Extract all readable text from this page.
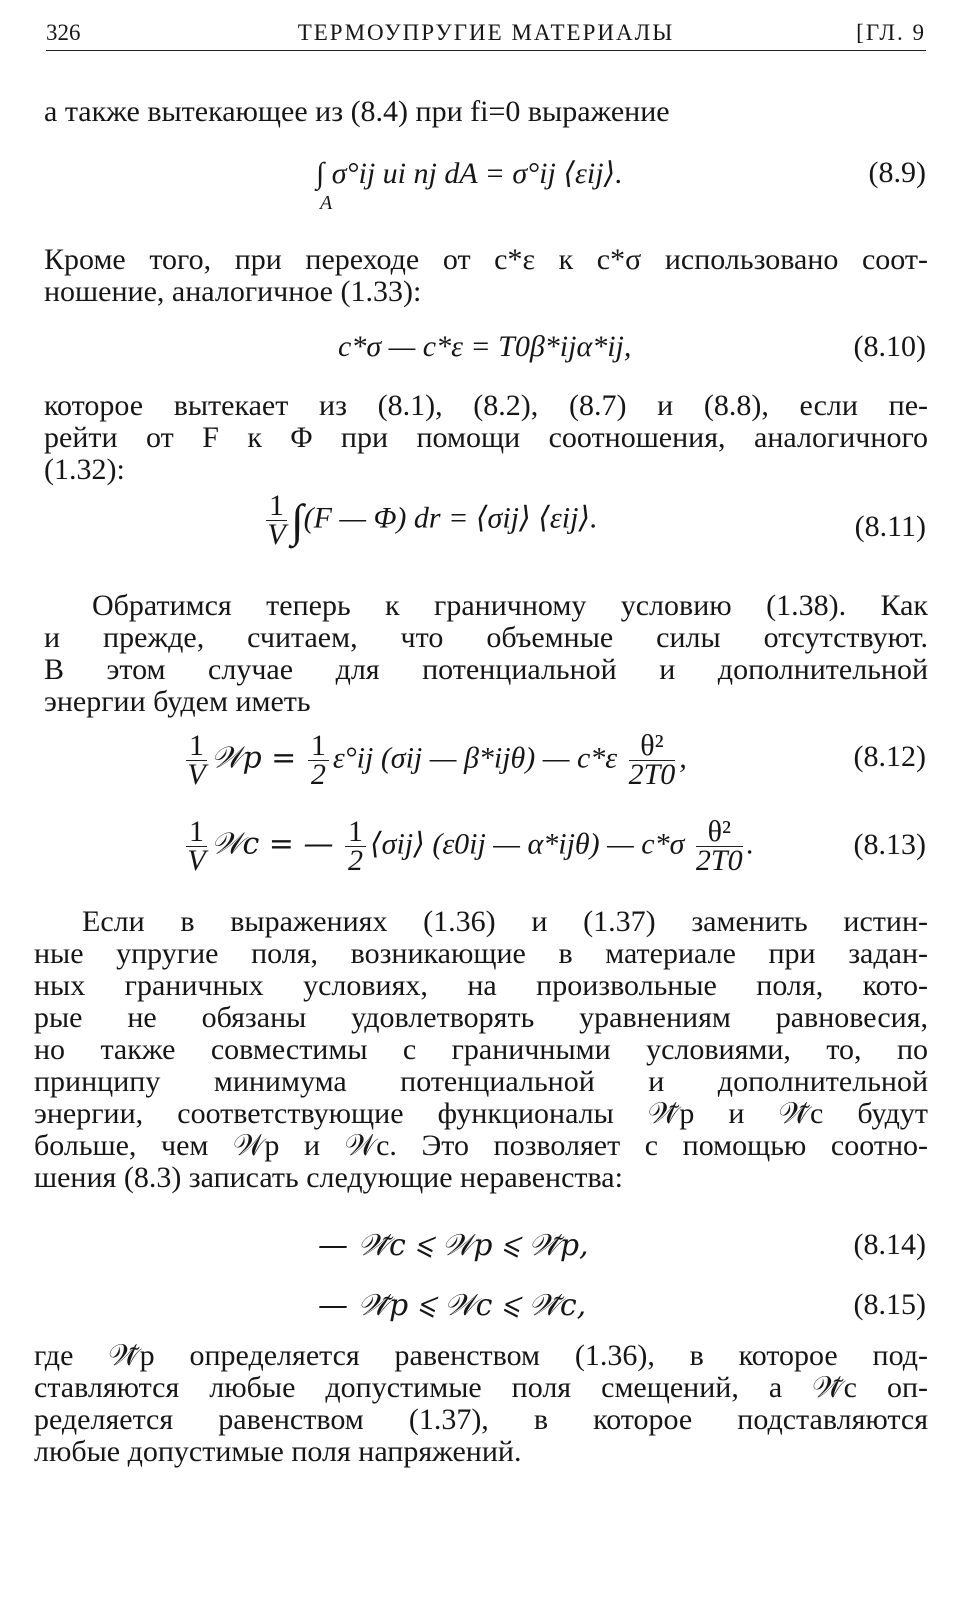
326	ТЕРМОУПРУГИЕ МАТЕРИАЛЫ	[ГЛ. 9
а также вытекающее из (8.4) при fi=0 выражение
∫ σ°ij ui nj dA = σ°ij ⟨εij⟩.
A
(8.9)
Кроме того, при переходе от c*ε к c*σ использовано соот-
ношение, аналогичное (1.33):
c*σ — c*ε = T0β*ijα*ij,	(8.10)
которое вытекает из (8.1), (8.2), (8.7) и (8.8), если пе-
рейти от F к Φ при помощи соотношения, аналогичного
(1.32):
$\frac{1}{V} \int(F$ — Φ) dr = ⟨σij⟩ ⟨εij⟩.	(8.11)
Обратимся теперь к граничному условию (1.38). Как
и прежде, считаем, что объемные силы отсутствуют.
В этом случае для потенциальной и дополнительной
энергии будем иметь
$\frac{1}{V}$ 𝒲p = $\frac{1}{2} \varepsilon^\circ ij$ (σij — β*ijθ) — $c*\varepsilon \frac{\text{θ²}}{2T0}$ ,	(8.12)
$\frac{1}{V}$ 𝒲c = — $\frac{1}{2}$ ⟨σij⟩ (ε0ij — α*ijθ) — $c*\sigma \frac{\text{θ²}}{2T0}$ .	(8.13)
Если в выражениях (1.36) и (1.37) заменить истин-
ные упругие поля, возникающие в материале при задан-
ных граничных условиях, на произвольные поля, кото-
рые не обязаны удовлетворять уравнениям равновесия,
но также совместимы с граничными условиями, то, по
принципу минимума потенциальной и дополнительной
энергии, соответствующие функционалы 𝒲̃p и 𝒲̃c будут
больше, чем 𝒲p и 𝒲c. Это позволяет с помощью соотно-
шения (8.3) записать следующие неравенства:
— 𝒲̃c ⩽ 𝒲p ⩽ 𝒲̃p,	(8.14)
— 𝒲̃p ⩽ 𝒲c ⩽ 𝒲̃c,	(8.15)
где 𝒲̃p определяется равенством (1.36), в которое под-
ставляются любые допустимые поля смещений, а 𝒲̃c оп-
ределяется равенством (1.37), в которое подставляются
любые допустимые поля напряжений.
